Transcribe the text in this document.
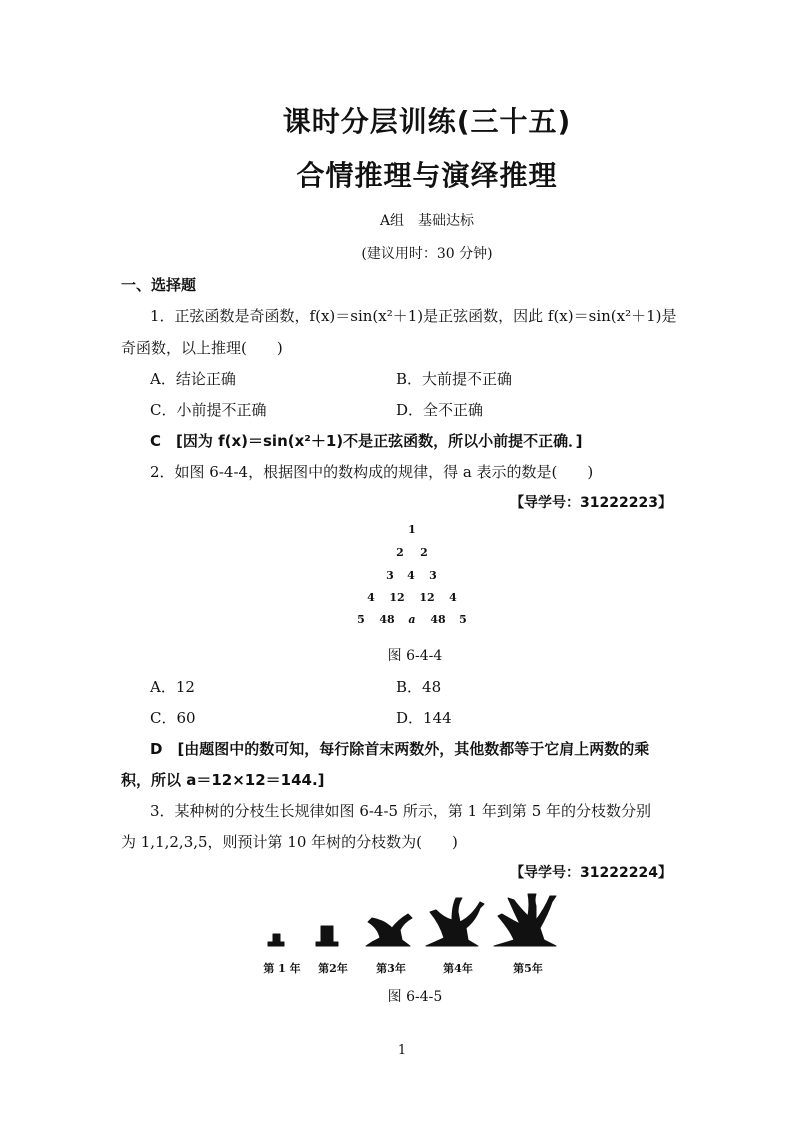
课时分层训练(三十五)
合情推理与演绎推理
A组　基础达标
(建议用时：30 分钟)
一、选择题
1．正弦函数是奇函数，f(x)＝sin(x²＋1)是正弦函数，因此 f(x)＝sin(x²＋1)是
奇函数，以上推理(　　)
A．结论正确	B．大前提不正确
C．小前提不正确	D．全不正确
C　[因为 f(x)＝sin(x²＋1)不是正弦函数，所以小前提不正确．]
2．如图 6-4-4，根据图中的数构成的规律，得 a 表示的数是(　　)
【导学号：31222223】
1
2 2
3 4 3
4 12 12 4
5 48 a 48 5
图 6-4-4
A．12	B．48
C．60	D．144
D　[由题图中的数可知，每行除首末两数外，其他数都等于它肩上两数的乘
积，所以 a＝12×12＝144.]
3．某种树的分枝生长规律如图 6-4-5 所示，第 1 年到第 5 年的分枝数分别
为 1,1,2,3,5，则预计第 10 年树的分枝数为(　　)
【导学号：31222224】
第 1 年 第2年	第3年	第4年	第5年
图 6-4-5
1
